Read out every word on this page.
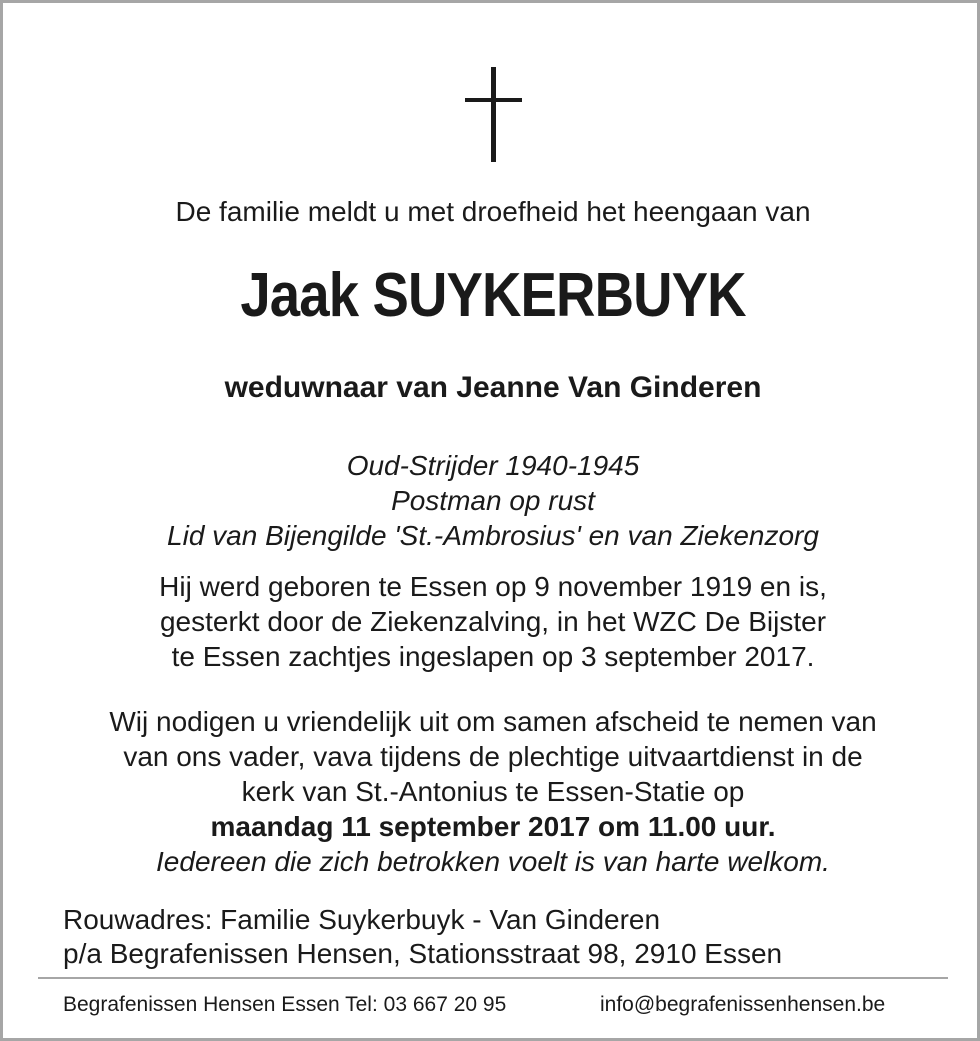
De familie meldt u met droefheid het heengaan van
Jaak SUYKERBUYK
weduwnaar van Jeanne Van Ginderen
Oud-Strijder 1940-1945
Postman op rust
Lid van Bijengilde 'St.-Ambrosius' en van Ziekenzorg
Hij werd geboren te Essen op 9 november 1919 en is,
gesterkt door de Ziekenzalving, in het WZC De Bijster
te Essen zachtjes ingeslapen op 3 september 2017.
Wij nodigen u vriendelijk uit om samen afscheid te nemen van
van ons vader, vava tijdens de plechtige uitvaartdienst in de
kerk van St.-Antonius te Essen-Statie op
maandag 11 september 2017 om 11.00 uur.
Iedereen die zich betrokken voelt is van harte welkom.
Rouwadres: Familie Suykerbuyk - Van Ginderen
p/a Begrafenissen Hensen, Stationsstraat 98, 2910 Essen
Begrafenissen Hensen Essen Tel: 03 667 20 95	info@begrafenissenhensen.be
